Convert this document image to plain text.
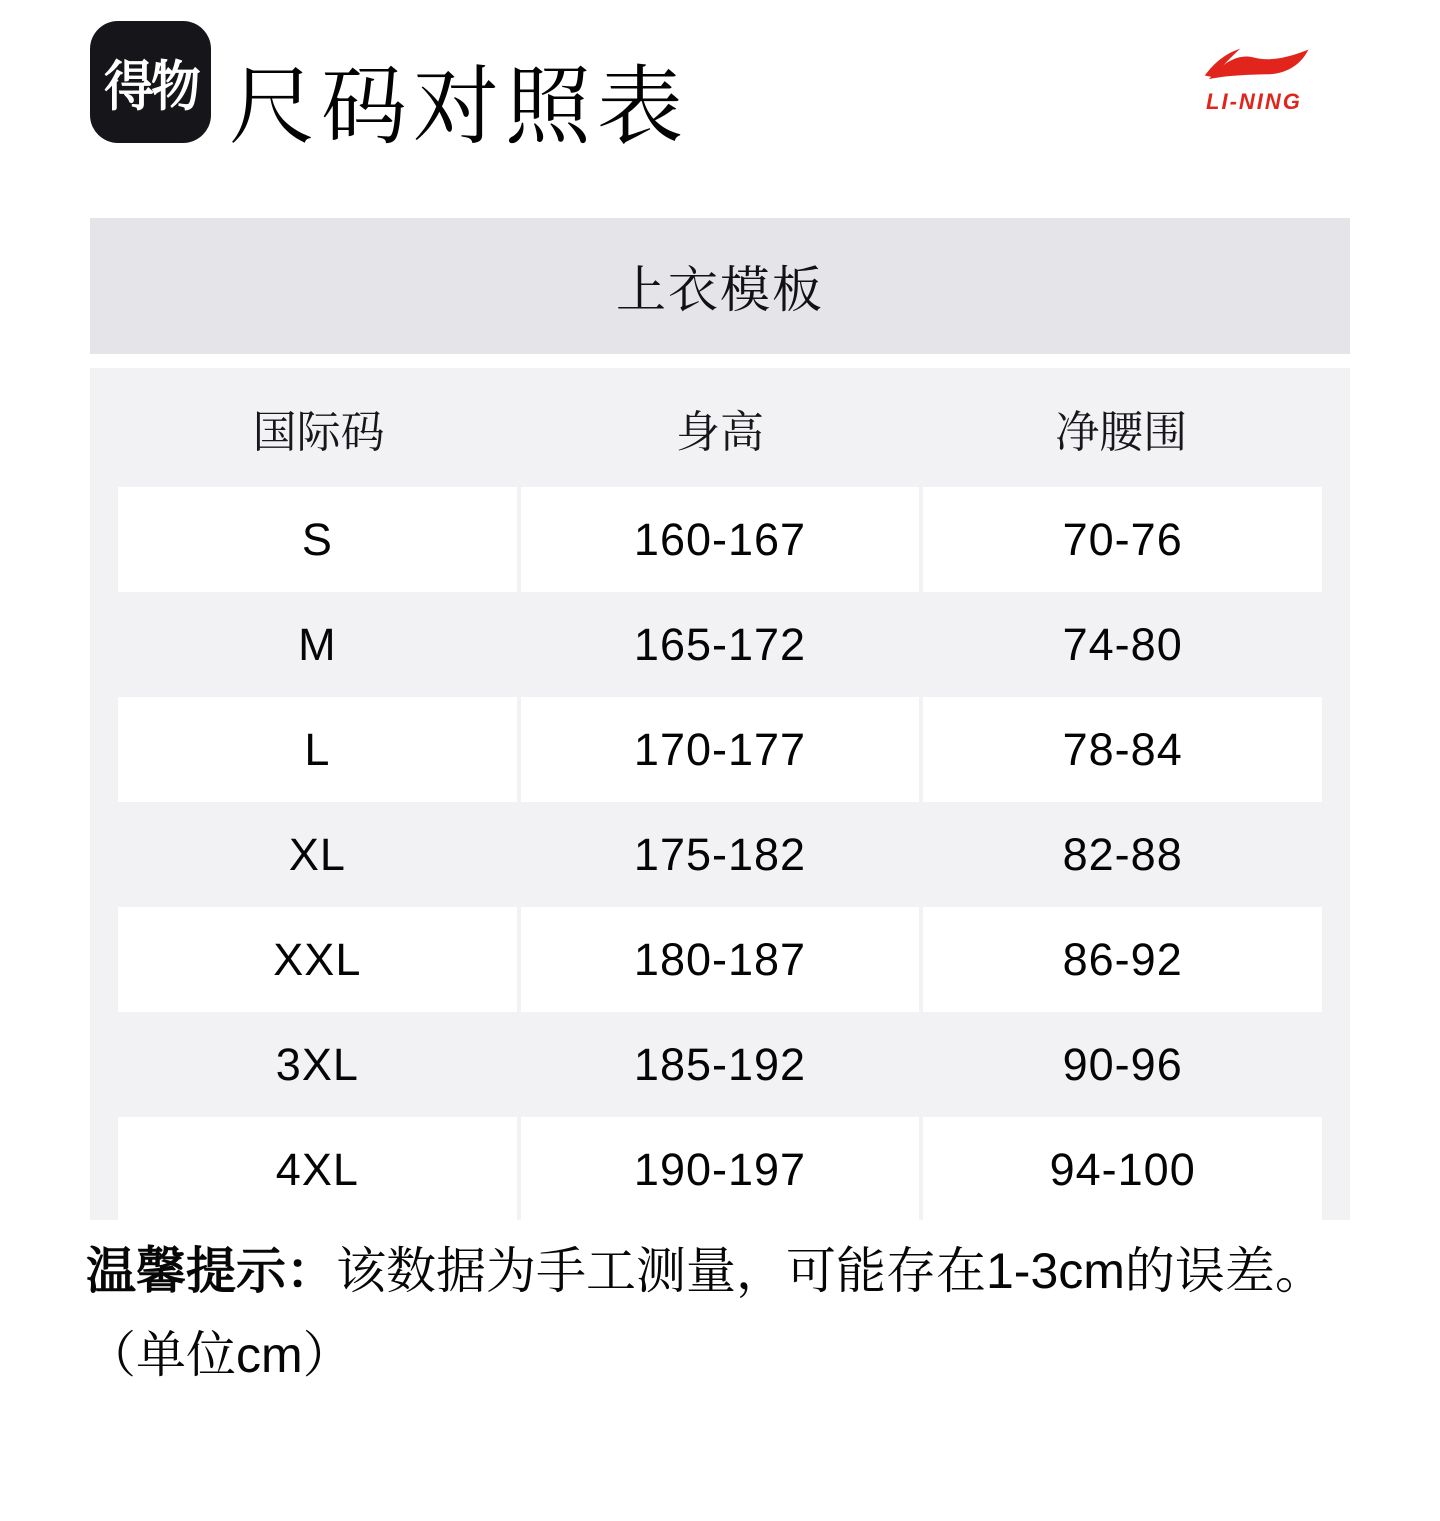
得物 尺码对照表	LI-NING
上衣模板
国际码	身高	净腰围
S	160-167	70-76
M	165-172	74-80
L	170-177	78-84
XL	175-182	82-88
XXL	180-187	86-92
3XL	185-192	90-96
4XL	190-197	94-100
温馨提示：该数据为手工测量，可能存在1-3cm的误差。
（单位cm）
